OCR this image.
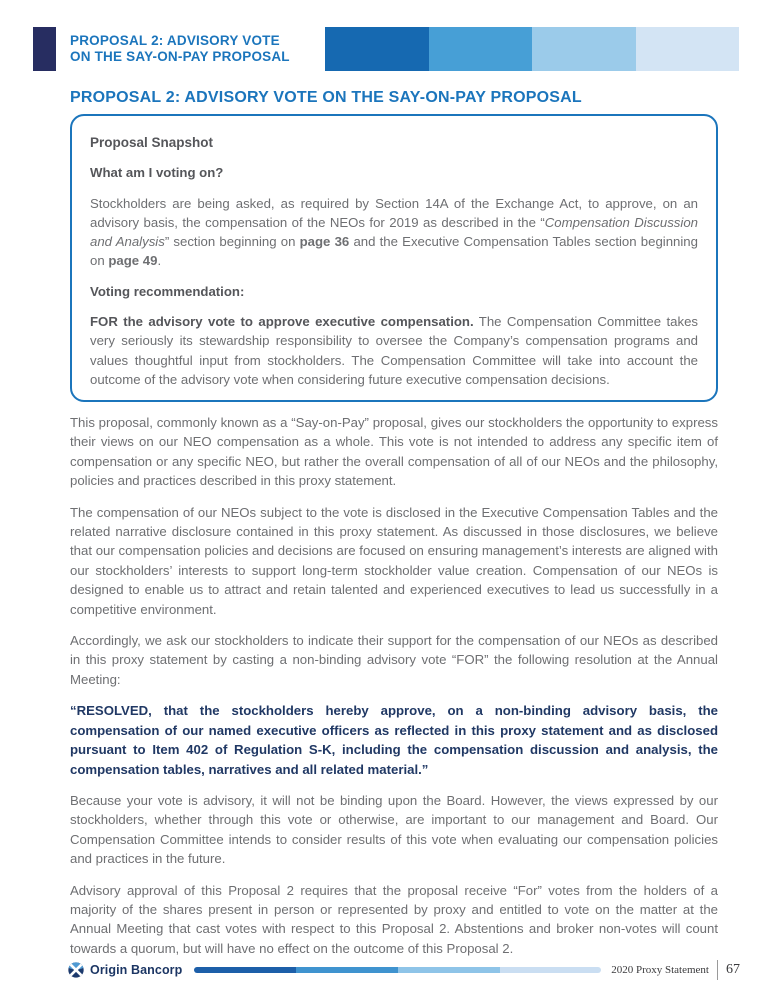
PROPOSAL 2: ADVISORY VOTE
ON THE SAY-ON-PAY PROPOSAL
PROPOSAL 2: ADVISORY VOTE ON THE SAY-ON-PAY PROPOSAL

Proposal Snapshot

What am I voting on?

Stockholders are being asked, as required by Section 14A of the Exchange Act, to approve, on an advisory basis, the compensation of the NEOs for 2019 as described in the “Compensation Discussion and Analysis” section beginning on page 36 and the Executive Compensation Tables section beginning on page 49.

Voting recommendation:

FOR the advisory vote to approve executive compensation. The Compensation Committee takes very seriously its stewardship responsibility to oversee the Company’s compensation programs and values thoughtful input from stockholders. The Compensation Committee will take into account the outcome of the advisory vote when considering future executive compensation decisions.

This proposal, commonly known as a “Say-on-Pay” proposal, gives our stockholders the opportunity to express their views on our NEO compensation as a whole. This vote is not intended to address any specific item of compensation or any specific NEO, but rather the overall compensation of all of our NEOs and the philosophy, policies and practices described in this proxy statement.

The compensation of our NEOs subject to the vote is disclosed in the Executive Compensation Tables and the related narrative disclosure contained in this proxy statement. As discussed in those disclosures, we believe that our compensation policies and decisions are focused on ensuring management’s interests are aligned with our stockholders’ interests to support long-term stockholder value creation. Compensation of our NEOs is designed to enable us to attract and retain talented and experienced executives to lead us successfully in a competitive environment.

Accordingly, we ask our stockholders to indicate their support for the compensation of our NEOs as described in this proxy statement by casting a non-binding advisory vote “FOR” the following resolution at the Annual Meeting:

“RESOLVED, that the stockholders hereby approve, on a non-binding advisory basis, the compensation of our named executive officers as reflected in this proxy statement and as disclosed pursuant to Item 402 of Regulation S-K, including the compensation discussion and analysis, the compensation tables, narratives and all related material.”

Because your vote is advisory, it will not be binding upon the Board. However, the views expressed by our stockholders, whether through this vote or otherwise, are important to our management and Board. Our Compensation Committee intends to consider results of this vote when evaluating our compensation policies and practices in the future.

Advisory approval of this Proposal 2 requires that the proposal receive “For” votes from the holders of a majority of the shares present in person or represented by proxy and entitled to vote on the matter at the Annual Meeting that cast votes with respect to this Proposal 2. Abstentions and broker non-votes will count towards a quorum, but will have no effect on the outcome of this Proposal 2.

Origin Bancorp	2020 Proxy Statement 67
